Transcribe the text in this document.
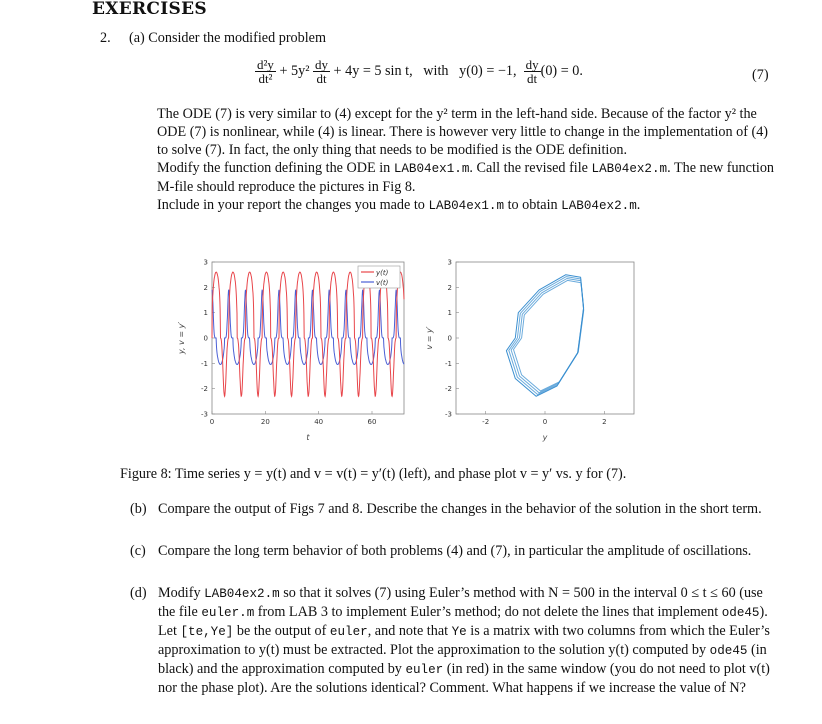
EXERCISES
2. (a) Consider the modified problem
$\frac{\text{d²y}}{\text{dt²}} + 5y^2 \frac{dy}{dt} + 4y = 5$ sin t, with y(0) = −1, $\frac{dy}{dt} (0) = 0$.	(7)

The ODE (7) is very similar to (4) except for the y² term in the left-hand side. Because of the factor y² the ODE (7) is nonlinear, while (4) is linear. There is however very little to change in the implementation of (4) to solve (7). In fact, the only thing that needs to be modified is the ODE definition.

Modify the function defining the ODE in LAB04ex1.m. Call the revised file LAB04ex2.m. The new function M-file should reproduce the pictures in Fig 8.

Include in your report the changes you made to LAB04ex1.m to obtain LAB04ex2.m.

3
2
1
0
-1
-2
-3
0	20	40	60
y(t)
v(t)
y, v = y′
t
3
2
1
0
-1
-2
-3
-2	0	2
v = y′
y
Figure 8: Time series y = y(t) and v = v(t) = y′(t) (left), and phase plot v = y′ vs. y for (7).
(b) Compare the output of Figs 7 and 8. Describe the changes in the behavior of the solution in the short term.
(c) Compare the long term behavior of both problems (4) and (7), in particular the amplitude of oscillations.
(d) Modify LAB04ex2.m so that it solves (7) using Euler’s method with N = 500 in the interval 0 ≤ t ≤ 60 (use the file euler.m from LAB 3 to implement Euler’s method; do not delete the lines that implement ode45). Let [te,Ye] be the output of euler, and note that Ye is a matrix with two columns from which the Euler’s approximation to y(t) must be extracted. Plot the approximation to the solution y(t) computed by ode45 (in black) and the approximation computed by euler (in red) in the same window (you do not need to plot v(t) nor the phase plot). Are the solutions identical? Comment. What happens if we increase the value of N?
